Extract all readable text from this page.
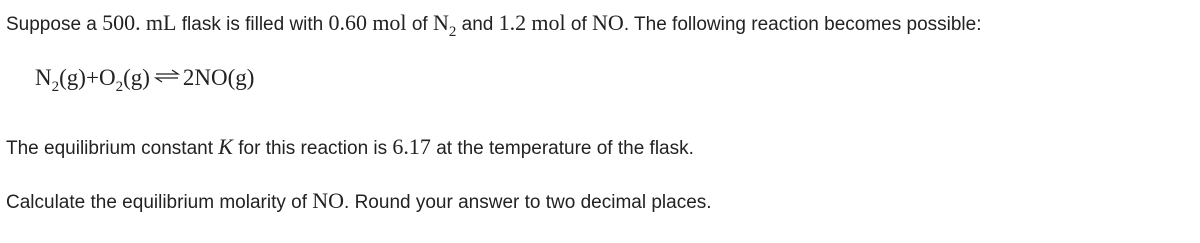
Suppose a 500. mL flask is filled with 0.60 mol of $N_2$ and 1.2 mol of NO. The following reaction becomes possible:
$N_2(g)+O_2(g)$ ⇌ 2NO(g)
The equilibrium constant K for this reaction is 6.17 at the temperature of the flask.
Calculate the equilibrium molarity of NO. Round your answer to two decimal places.
